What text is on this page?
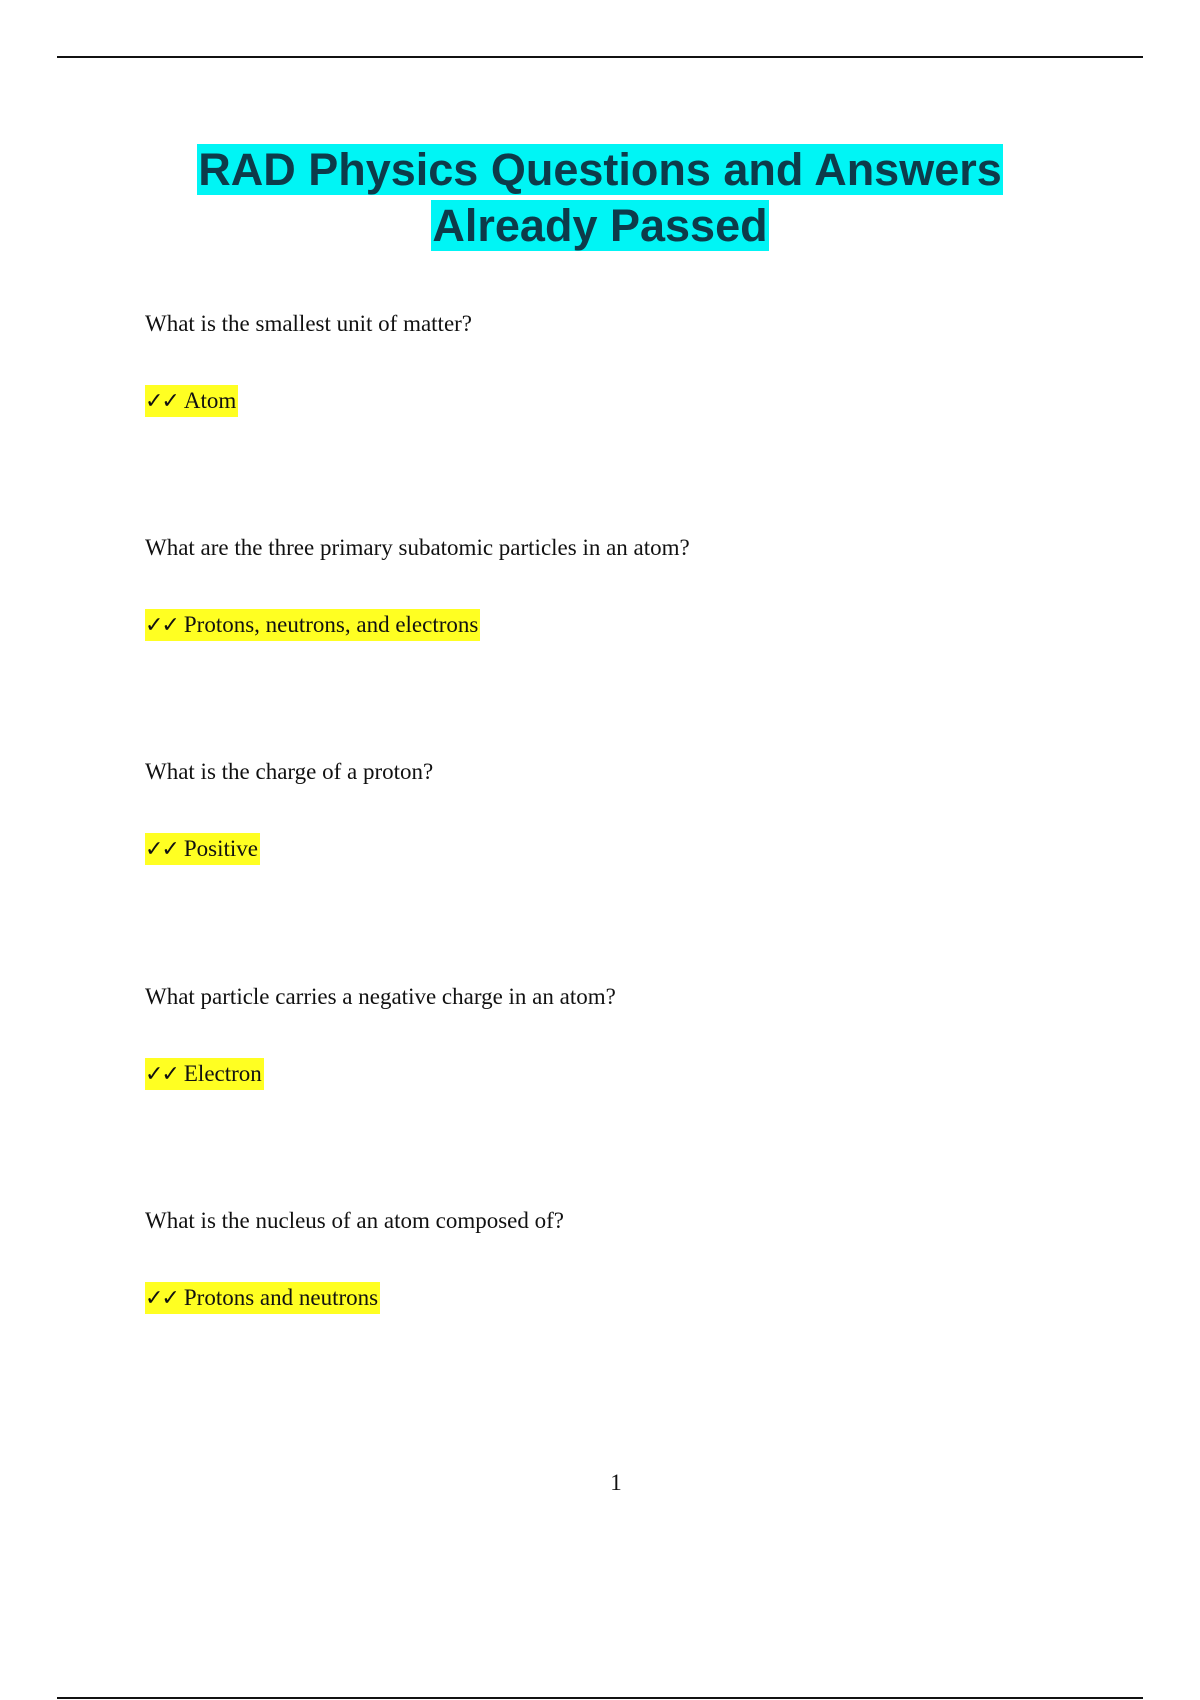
RAD Physics Questions and Answers
Already Passed
What is the smallest unit of matter?
✓✓ Atom
What are the three primary subatomic particles in an atom?
✓✓ Protons, neutrons, and electrons
What is the charge of a proton?
✓✓ Positive
What particle carries a negative charge in an atom?
✓✓ Electron
What is the nucleus of an atom composed of?
✓✓ Protons and neutrons
1
